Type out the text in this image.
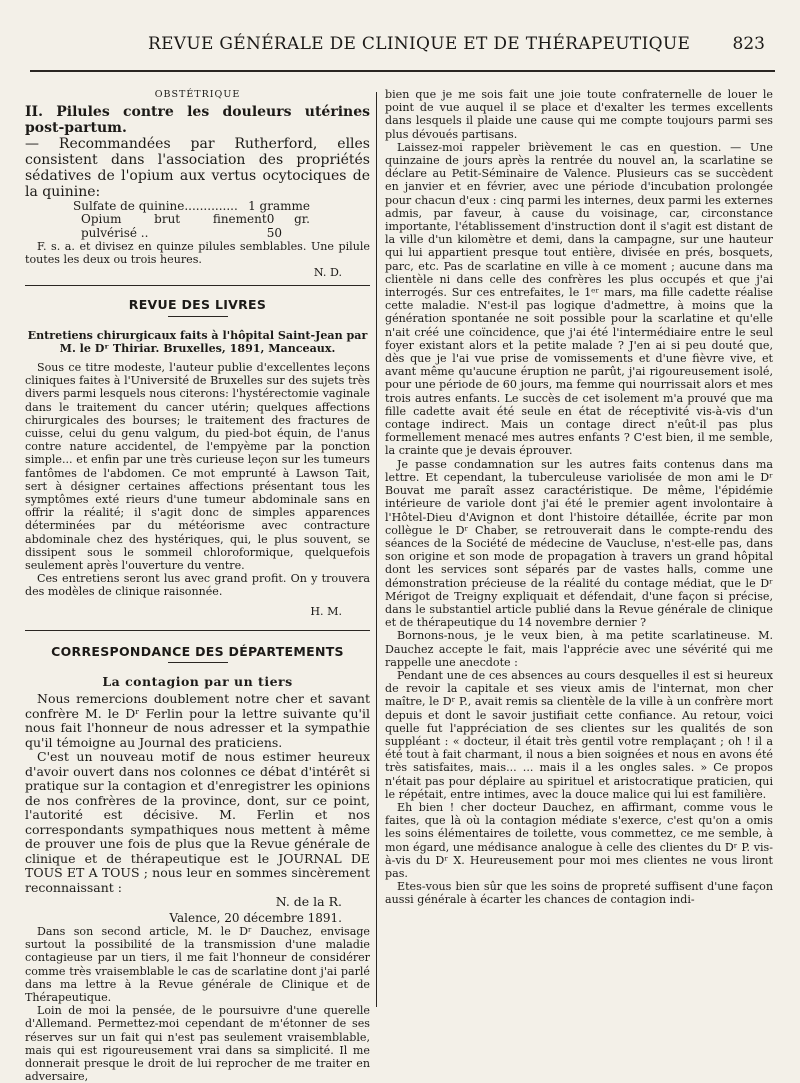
REVUE GÉNÉRALE DE CLINIQUE ET DE THÉRAPEUTIQUE 823
OBSTÉTRIQUE
II. Pilules contre les douleurs utérines post-partum.
— Recommandées par Rutherford, elles consistent dans l'association des propriétés sédatives de l'opium aux vertus ocytociques de la quinine:
Sulfate de quinine.............. 1 gramme
Opium brut finement pulvérisé ..
0 gr. 50

F. s. a. et divisez en quinze pilules semblables. Une pilule toutes les deux ou trois heures.

N. D.
REVUE DES LIVRES
Entretiens chirurgicaux faits à l'hôpital Saint-Jean par M. le Dʳ Thiriar. Bruxelles, 1891, Manceaux.

Sous ce titre modeste, l'auteur publie d'excellentes leçons cliniques faites à l'Université de Bruxelles sur des sujets très divers parmi lesquels nous citerons: l'hystérectomie vaginale dans le traitement du cancer utérin; quelques affections chirurgicales des bourses; le traitement des fractures de cuisse, celui du genu valgum, du pied-bot équin, de l'anus contre nature accidentel, de l'empyème par la ponction simple... et enfin par une très curieuse leçon sur les tumeurs fantômes de l'abdomen. Ce mot emprunté à Lawson Tait, sert à désigner certaines affections présentant tous les symptômes exté rieurs d'une tumeur abdominale sans en offrir la réalité; il s'agit donc de simples apparences déterminées par du météorisme avec contracture abdominale chez des hystériques, qui, le plus souvent, se dissipent sous le sommeil chloroformique, quelquefois seulement après l'ouverture du ventre.

Ces entretiens seront lus avec grand profit. On y trouvera des modèles de clinique raisonnée.

H. M.
CORRESPONDANCE DES DÉPARTEMENTS
La contagion par un tiers

Nous remercions doublement notre cher et savant confrère M. le Dʳ Ferlin pour la lettre suivante qu'il nous fait l'honneur de nous adresser et la sympathie qu'il témoigne au Journal des praticiens.

C'est un nouveau motif de nous estimer heureux d'avoir ouvert dans nos colonnes ce débat d'intérêt si pratique sur la contagion et d'enregistrer les opinions de nos confrères de la province, dont, sur ce point, l'autorité est décisive. M. Ferlin et nos correspondants sympathiques nous mettent à même de prouver une fois de plus que la Revue générale de clinique et de thérapeutique est le JOURNAL DE TOUS ET A TOUS ; nous leur en sommes sincèrement reconnaissant :

N. de la R.
Valence, 20 décembre 1891.

Dans son second article, M. le Dʳ Dauchez, envisage surtout la possibilité de la transmission d'une maladie contagieuse par un tiers, il me fait l'honneur de considérer comme très vraisemblable le cas de scarlatine dont j'ai parlé dans ma lettre à la Revue générale de Clinique et de Thérapeutique.

Loin de moi la pensée, de le poursuivre d'une querelle d'Allemand. Permettez-moi cependant de m'étonner de ses réserves sur un fait qui n'est pas seulement vraisemblable, mais qui est rigoureusement vrai dans sa simplicité. Il me donnerait presque le droit de lui reprocher de me traiter en adversaire,

bien que je me sois fait une joie toute confraternelle de louer le point de vue auquel il se place et d'exalter les termes excellents dans lesquels il plaide une cause qui me compte toujours parmi ses plus dévoués partisans.

Laissez-moi rappeler brièvement le cas en question. — Une quinzaine de jours après la rentrée du nouvel an, la scarlatine se déclare au Petit-Séminaire de Valence. Plusieurs cas se succèdent en janvier et en février, avec une période d'incubation prolongée pour chacun d'eux : cinq parmi les internes, deux parmi les externes admis, par faveur, à cause du voisinage, car, circonstance importante, l'établissement d'instruction dont il s'agit est distant de la ville d'un kilomètre et demi, dans la campagne, sur une hauteur qui lui appartient presque tout entière, divisée en prés, bosquets, parc, etc. Pas de scarlatine en ville à ce moment ; aucune dans ma clientèle ni dans celle des confrères les plus occupés et que j'ai interrogés. Sur ces entrefaites, le 1ᵉʳ mars, ma fille cadette réalise cette maladie. N'est-il pas logique d'admettre, à moins que la génération spontanée ne soit possible pour la scarlatine et qu'elle n'ait créé une coïncidence, que j'ai été l'intermédiaire entre le seul foyer existant alors et la petite malade ? J'en ai si peu douté que, dès que je l'ai vue prise de vomissements et d'une fièvre vive, et avant même qu'aucune éruption ne parût, j'ai rigoureusement isolé, pour une période de 60 jours, ma femme qui nourrissait alors et mes trois autres enfants. Le succès de cet isolement m'a prouvé que ma fille cadette avait été seule en état de réceptivité vis-à-vis d'un contage indirect. Mais un contage direct n'eût-il pas plus formellement menacé mes autres enfants ? C'est bien, il me semble, la crainte que je devais éprouver.

Je passe condamnation sur les autres faits contenus dans ma lettre. Et cependant, la tuberculeuse variolisée de mon ami le Dʳ Bouvat me paraît assez caractéristique. De même, l'épidémie intérieure de variole dont j'ai été le premier agent involontaire à l'Hôtel-Dieu d'Avignon et dont l'histoire détaillée, écrite par mon collègue le Dʳ Chaber, se retrouverait dans le compte-rendu des séances de la Société de médecine de Vaucluse, n'est-elle pas, dans son origine et son mode de propagation à travers un grand hôpital dont les services sont séparés par de vastes halls, comme une démonstration précieuse de la réalité du contage médiat, que le Dʳ Mérigot de Treigny expliquait et défendait, d'une façon si précise, dans le substantiel article publié dans la Revue générale de clinique et de thérapeutique du 14 novembre dernier ?

Bornons-nous, je le veux bien, à ma petite scarlatineuse. M. Dauchez accepte le fait, mais l'apprécie avec une sévérité qui me rappelle une anecdote :

Pendant une de ces absences au cours desquelles il est si heureux de revoir la capitale et ses vieux amis de l'internat, mon cher maître, le Dʳ P., avait remis sa clientèle de la ville à un confrère mort depuis et dont le savoir justifiait cette confiance. Au retour, voici quelle fut l'appréciation de ses clientes sur les qualités de son suppléant : « docteur, il était très gentil votre remplaçant ; oh ! il a été tout à fait charmant, il nous a bien soignées et nous en avons été très satisfaites, mais... ... mais il a les ongles sales. » Ce propos n'était pas pour déplaire au spirituel et aristocratique praticien, qui le répétait, entre intimes, avec la douce malice qui lui est familière.

Eh bien ! cher docteur Dauchez, en affirmant, comme vous le faites, que là où la contagion médiate s'exerce, c'est qu'on a omis les soins élémentaires de toilette, vous commettez, ce me semble, à mon égard, une médisance analogue à celle des clientes du Dʳ P. vis-à-vis du Dʳ X. Heureusement pour moi mes clientes ne vous liront pas.

Etes-vous bien sûr que les soins de propreté suffisent d'une façon aussi générale à écarter les chances de contagion indi-
